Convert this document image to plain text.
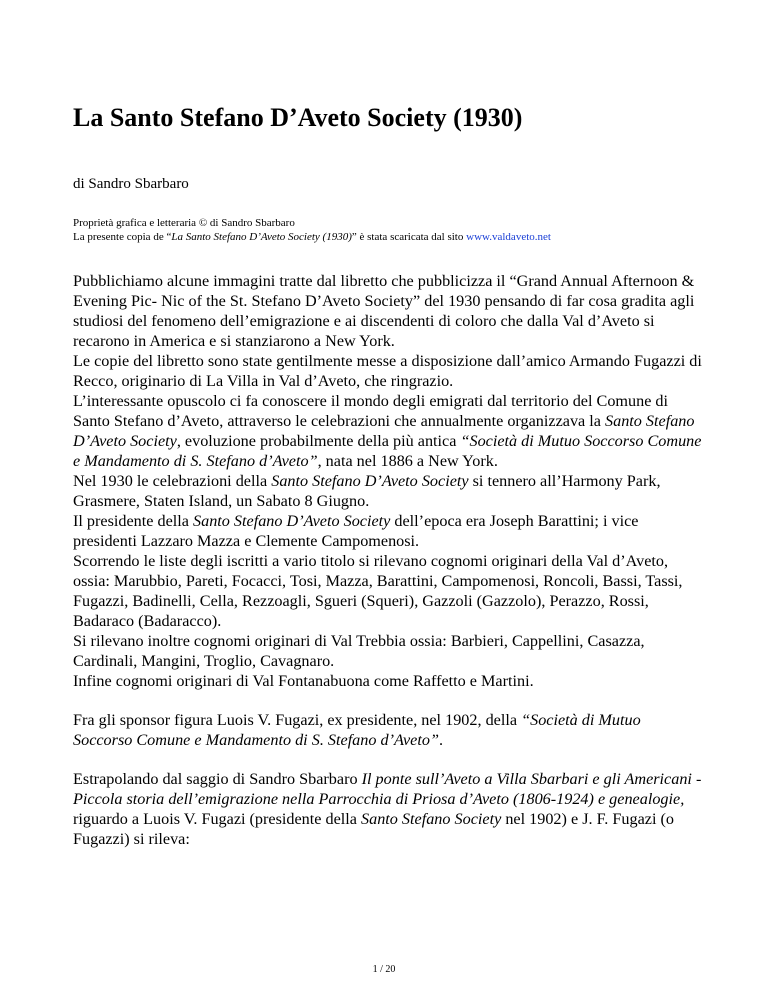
La Santo Stefano D’Aveto Society (1930)

di Sandro Sbarbaro

Proprietà grafica e letteraria © di Sandro Sbarbaro
La presente copia de “La Santo Stefano D’Aveto Society (1930)” è stata scaricata dal sito www.valdaveto.net

Pubblichiamo alcune immagini tratte dal libretto che pubblicizza il “Grand Annual Afternoon & Evening Pic- Nic of the St. Stefano D’Aveto Society” del 1930 pensando di far cosa gradita agli studiosi del fenomeno dell’emigrazione e ai discendenti di coloro che dalla Val d’Aveto si recarono in America e si stanziarono a New York.

Le copie del libretto sono state gentilmente messe a disposizione dall’amico Armando Fugazzi di Recco, originario di La Villa in Val d’Aveto, che ringrazio.

L’interessante opuscolo ci fa conoscere il mondo degli emigrati dal territorio del Comune di Santo Stefano d’Aveto, attraverso le celebrazioni che annualmente organizzava la Santo Stefano D’Aveto Society, evoluzione probabilmente della più antica “Società di Mutuo Soccorso Comune e Mandamento di S. Stefano d’Aveto”, nata nel 1886 a New York.

Nel 1930 le celebrazioni della Santo Stefano D’Aveto Society si tennero all’Harmony Park, Grasmere, Staten Island, un Sabato 8 Giugno.

Il presidente della Santo Stefano D’Aveto Society dell’epoca era Joseph Barattini; i vice presidenti Lazzaro Mazza e Clemente Campomenosi.

Scorrendo le liste degli iscritti a vario titolo si rilevano cognomi originari della Val d’Aveto, ossia: Marubbio, Pareti, Focacci, Tosi, Mazza, Barattini, Campomenosi, Roncoli, Bassi, Tassi, Fugazzi, Badinelli, Cella, Rezzoagli, Sgueri (Squeri), Gazzoli (Gazzolo), Perazzo, Rossi, Badaraco (Badaracco).

Si rilevano inoltre cognomi originari di Val Trebbia ossia: Barbieri, Cappellini, Casazza, Cardinali, Mangini, Troglio, Cavagnaro.

Infine cognomi originari di Val Fontanabuona come Raffetto e Martini.

Fra gli sponsor figura Luois V. Fugazi, ex presidente, nel 1902, della “Società di Mutuo Soccorso Comune e Mandamento di S. Stefano d’Aveto”.

Estrapolando dal saggio di Sandro Sbarbaro Il ponte sull’Aveto a Villa Sbarbari e gli Americani - Piccola storia dell’emigrazione nella Parrocchia di Priosa d’Aveto (1806-1924) e genealogie, riguardo a Luois V. Fugazi (presidente della Santo Stefano Society nel 1902) e J. F. Fugazi (o Fugazzi) si rileva:

1 / 20
